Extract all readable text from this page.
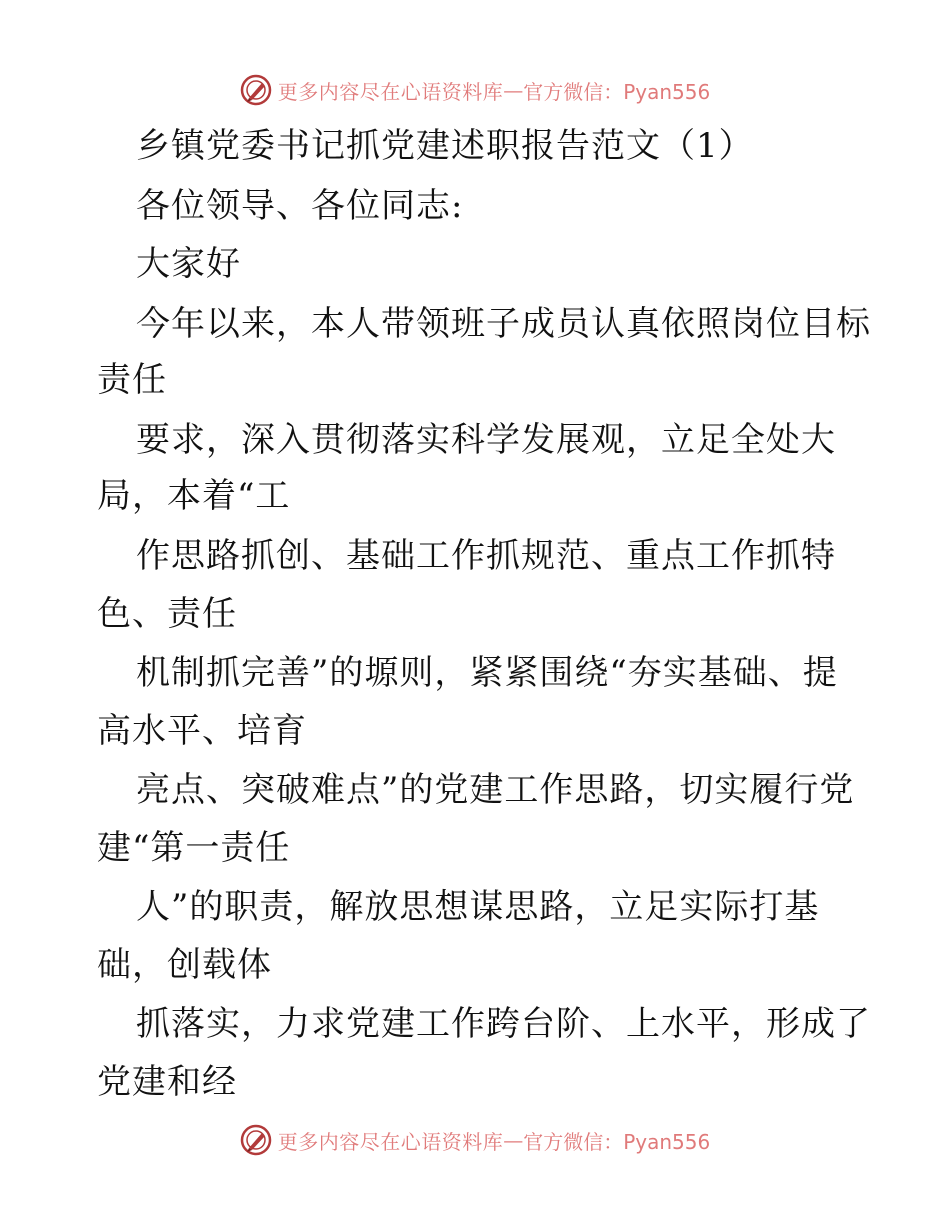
更多内容尽在心语资料库 — 官方微信：Pyan556
乡镇党委书记抓党建述职报告范文（1）
各位领导、各位同志:
大家好
今年以来，本人带领班子成员认真依照岗位目标
责任
要求，深入贯彻落实科学发展观，立足全处大
局，本着“工
作思路抓创、基础工作抓规范、重点工作抓特
色、责任
机制抓完善”的塬则，紧紧围绕“夯实基础、提
高水平、培育
亮点、突破难点”的党建工作思路，切实履行党
建“第一责任
人”的职责，解放思想谋思路，立足实际打基
础，创载体
抓落实，力求党建工作跨台阶、上水平，形成了
党建和经
更多内容尽在心语资料库 — 官方微信：Pyan556
